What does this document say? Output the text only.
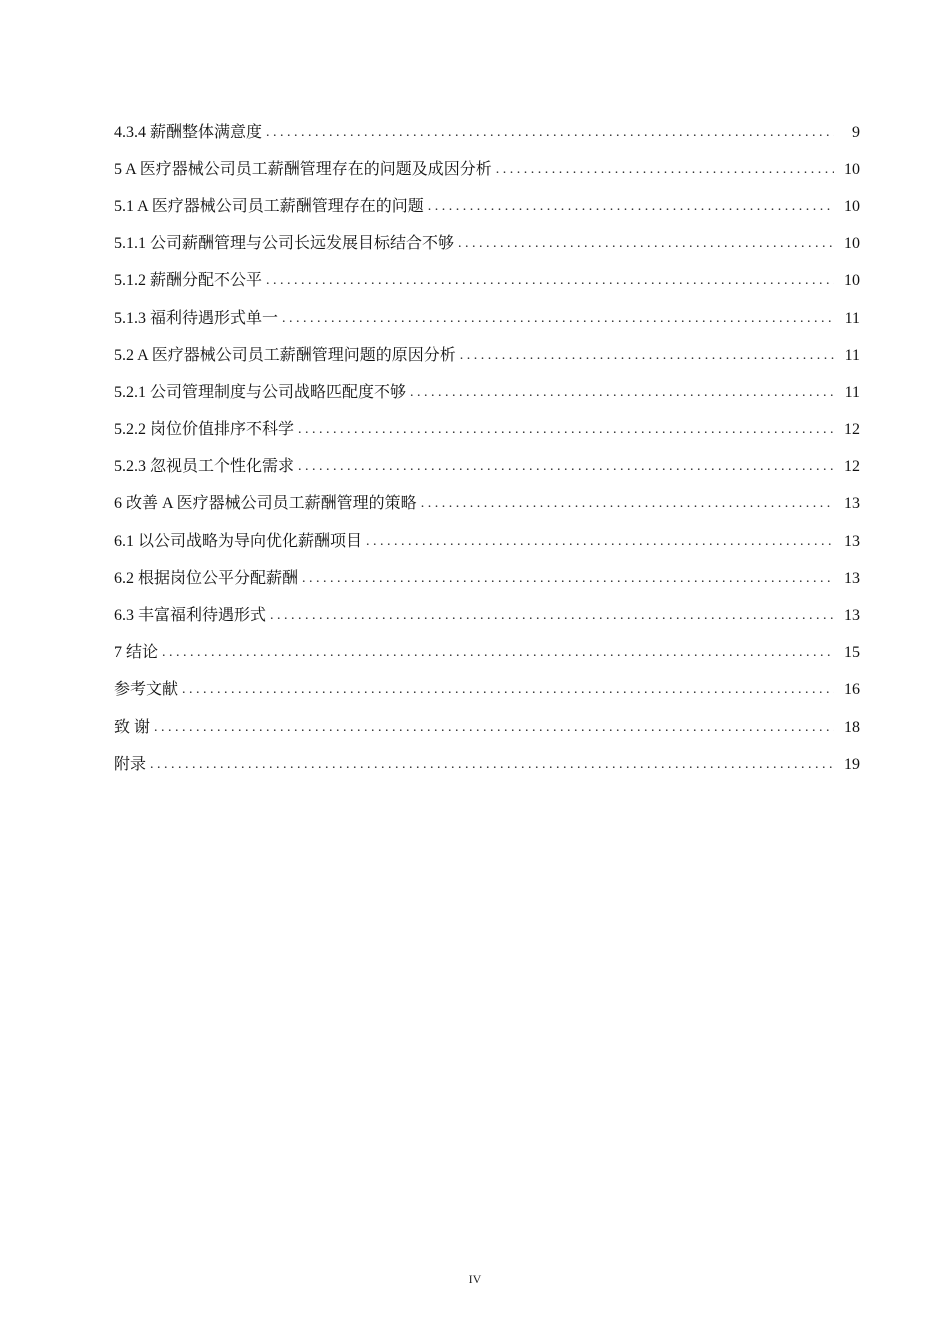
4.3.4 薪酬整体满意度 . . .	9
5 A 医疗器械公司员工薪酬管理存在的问题及成因分析 . . .	10
5.1 A 医疗器械公司员工薪酬管理存在的问题 . . .	10
5.1.1 公司薪酬管理与公司长远发展目标结合不够 . . .	10
5.1.2 薪酬分配不公平 . . .	10
5.1.3 福利待遇形式单一 . . .	11
5.2 A 医疗器械公司员工薪酬管理问题的原因分析 . . .	11
5.2.1 公司管理制度与公司战略匹配度不够 . . .	11
5.2.2 岗位价值排序不科学 . . .	12
5.2.3 忽视员工个性化需求 . . .	12
6 改善 A 医疗器械公司员工薪酬管理的策略 . . .	13
6.1 以公司战略为导向优化薪酬项目 . . .	13
6.2 根据岗位公平分配薪酬 . . .	13
6.3 丰富福利待遇形式 . . .	13
7 结论 . . .	15
参考文献 . . .	16
致 谢 . . .	18
附录 . . .	19
IV
